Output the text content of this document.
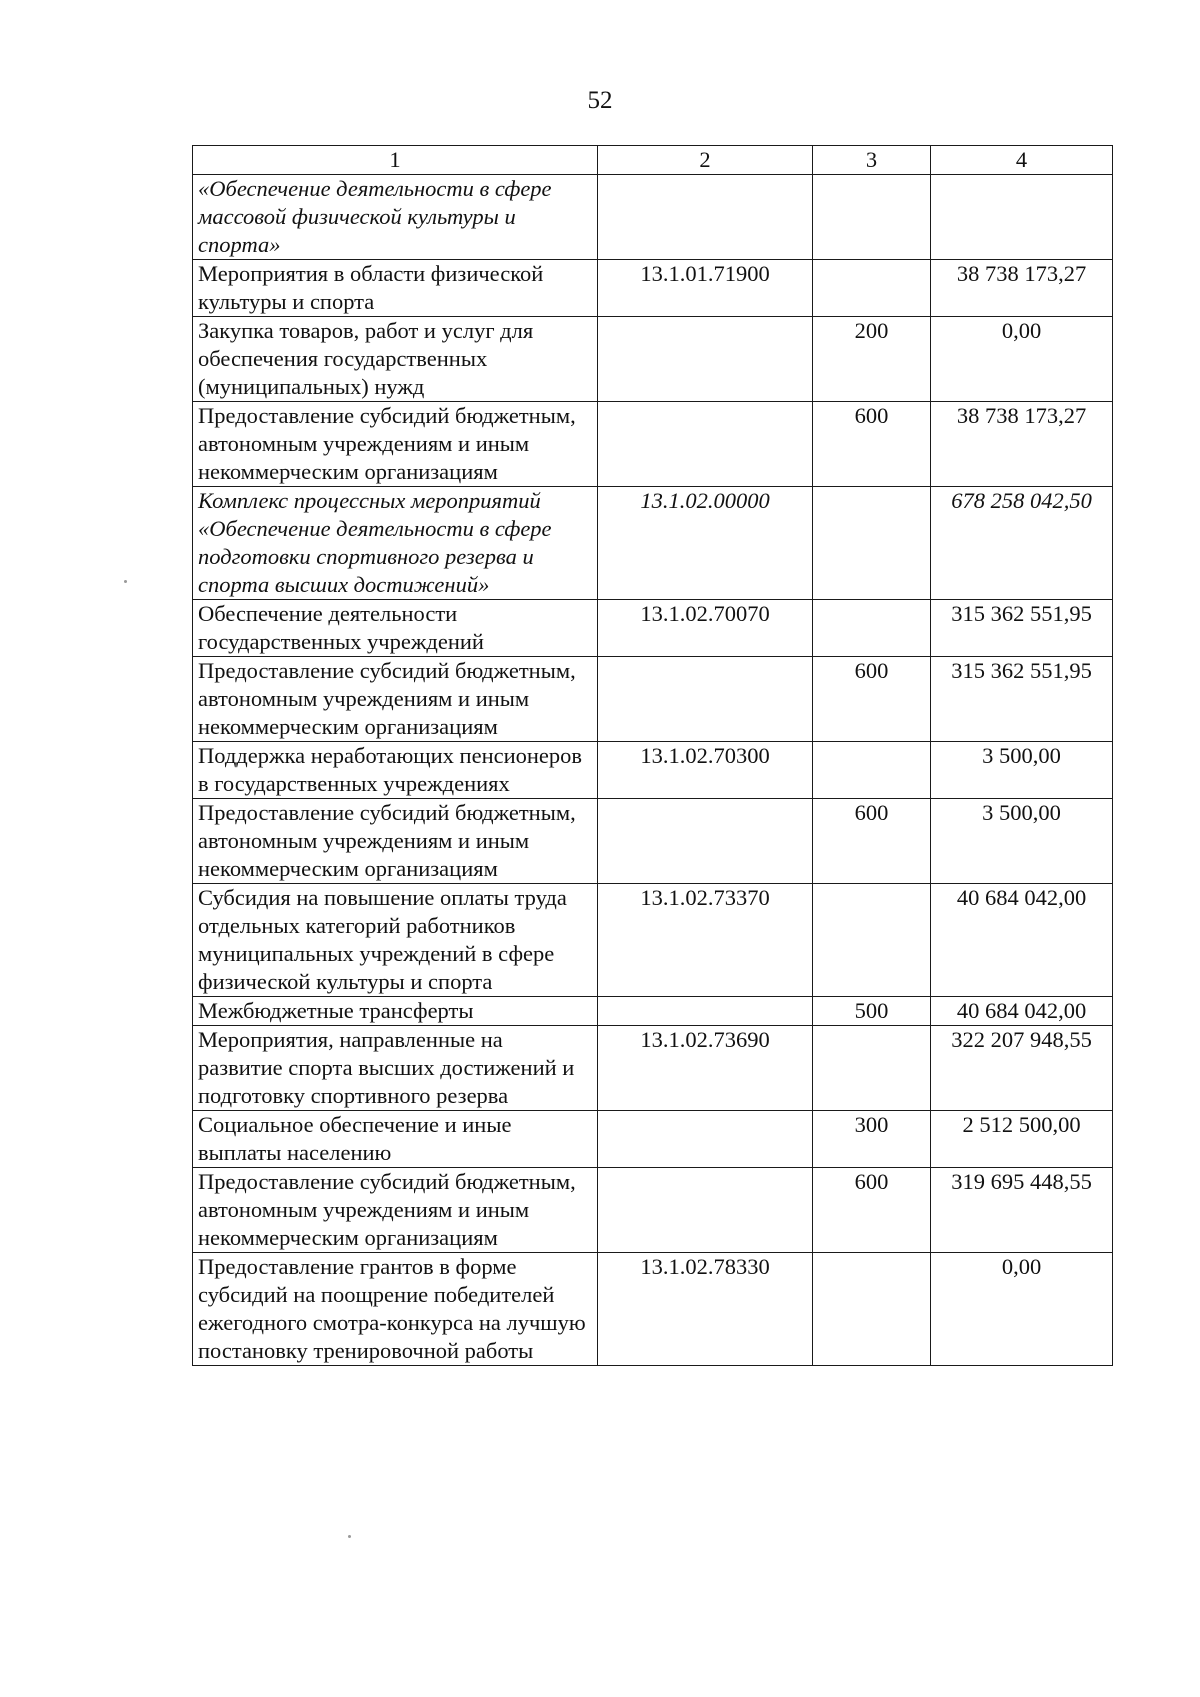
52
1	2	3	4
«Обеспечение деятельности в сфере массовой физической культуры и спорта»			
Мероприятия в области физической культуры и спорта	13.1.01.71900		38 738 173,27
Закупка товаров, работ и услуг для обеспечения государственных (муниципальных) нужд		200	0,00
Предоставление субсидий бюджетным, автономным учреждениям и иным некоммерческим организациям		600	38 738 173,27
Комплекс процессных мероприятий «Обеспечение деятельности в сфере подготовки спортивного резерва и спорта высших достижений»	13.1.02.00000		678 258 042,50
Обеспечение деятельности государственных учреждений	13.1.02.70070		315 362 551,95
Предоставление субсидий бюджетным, автономным учреждениям и иным некоммерческим организациям		600	315 362 551,95
Поддержка неработающих пенсионеров в государственных учреждениях	13.1.02.70300		3 500,00
Предоставление субсидий бюджетным, автономным учреждениям и иным некоммерческим организациям		600	3 500,00
Субсидия на повышение оплаты труда отдельных категорий работников муниципальных учреждений в сфере физической культуры и спорта	13.1.02.73370		40 684 042,00
Межбюджетные трансферты		500	40 684 042,00
Мероприятия, направленные на развитие спорта высших достижений и подготовку спортивного резерва	13.1.02.73690		322 207 948,55
Социальное обеспечение и иные выплаты населению		300	2 512 500,00
Предоставление субсидий бюджетным, автономным учреждениям и иным некоммерческим организациям		600	319 695 448,55
Предоставление грантов в форме субсидий на поощрение победителей ежегодного смотра-конкурса на лучшую постановку тренировочной работы	13.1.02.78330		0,00
